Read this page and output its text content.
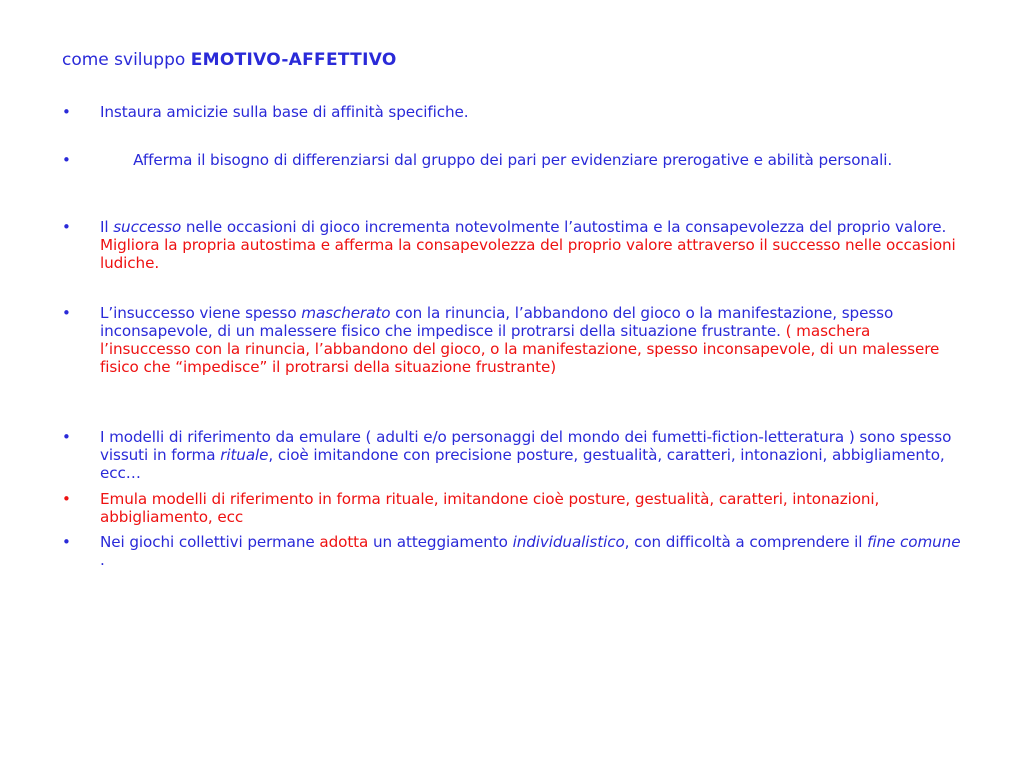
come sviluppo EMOTIVO-AFFETTIVO
• Instaura amicizie sulla base di affinità specifiche.
• Afferma il bisogno di differenziarsi dal gruppo dei pari per evidenziare prerogative e abilità personali.
• Il successo nelle occasioni di gioco incrementa notevolmente l’autostima e la consapevolezza del proprio valore. Migliora la propria autostima e afferma la consapevolezza del proprio valore attraverso il successo nelle occasioni ludiche.
• L’insuccesso viene spesso mascherato con la rinuncia, l’abbandono del gioco o la manifestazione, spesso inconsapevole, di un malessere fisico che impedisce il protrarsi della situazione frustrante. ( maschera l’insuccesso con la rinuncia, l’abbandono del gioco, o la manifestazione, spesso inconsapevole, di un malessere fisico che “impedisce” il protrarsi della situazione frustrante)
• I modelli di riferimento da emulare ( adulti e/o personaggi del mondo dei fumetti-fiction-letteratura ) sono spesso vissuti in forma rituale, cioè imitandone con precisione posture, gestualità, caratteri, intonazioni, abbigliamento, ecc…
• Emula modelli di riferimento in forma rituale, imitandone cioè posture, gestualità, caratteri, intonazioni, abbigliamento, ecc
• Nei giochi collettivi permane adotta un atteggiamento individualistico, con difficoltà a comprendere il fine comune .
